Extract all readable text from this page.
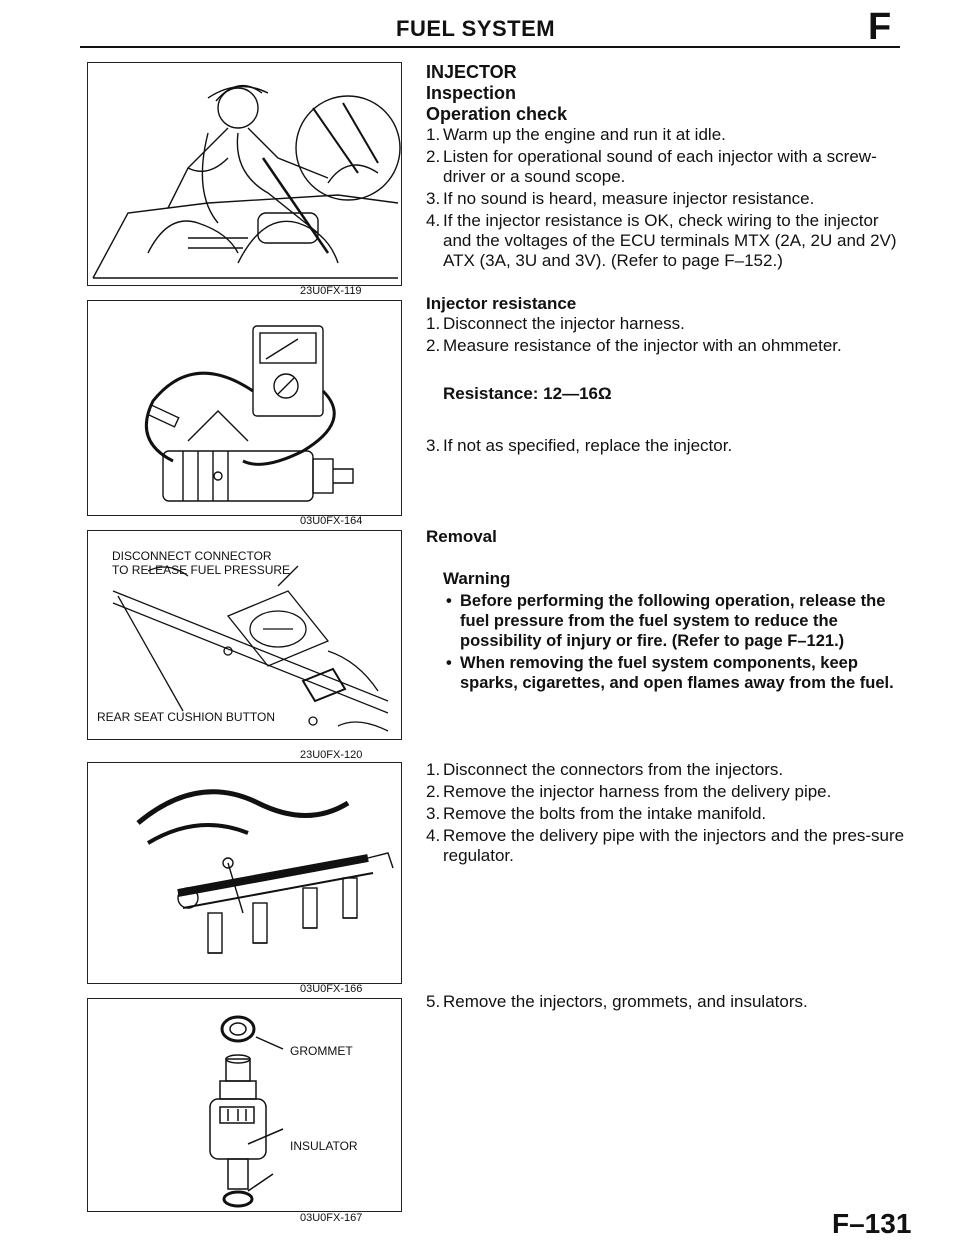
FUEL SYSTEM	F
23U0FX-119
03U0FX-164
DISCONNECT CONNECTOR
TO RELEASE FUEL PRESSURE
REAR SEAT CUSHION BUTTON
23U0FX-120
03U0FX-166
GROMMET
INSULATOR
03U0FX-167
INJECTOR
Inspection
Operation check
1. Warm up the engine and run it at idle.
2. Listen for operational sound of each injector with a screw-driver or a sound scope.
3. If no sound is heard, measure injector resistance.
4. If the injector resistance is OK, check wiring to the injector and the voltages of the ECU terminals MTX (2A, 2U and 2V) ATX (3A, 3U and 3V). (Refer to page F–152.)
Injector resistance
1. Disconnect the injector harness.
2. Measure resistance of the injector with an ohmmeter.
Resistance: 12—16Ω
3. If not as specified, replace the injector.
Removal
Warning
• Before performing the following operation, release the fuel pressure from the fuel system to reduce the possibility of injury or fire. (Refer to page F–121.)
• When removing the fuel system components, keep sparks, cigarettes, and open flames away from the fuel.
1. Disconnect the connectors from the injectors.
2. Remove the injector harness from the delivery pipe.
3. Remove the bolts from the intake manifold.
4. Remove the delivery pipe with the injectors and the pres-sure regulator.
5. Remove the injectors, grommets, and insulators.
F–131
